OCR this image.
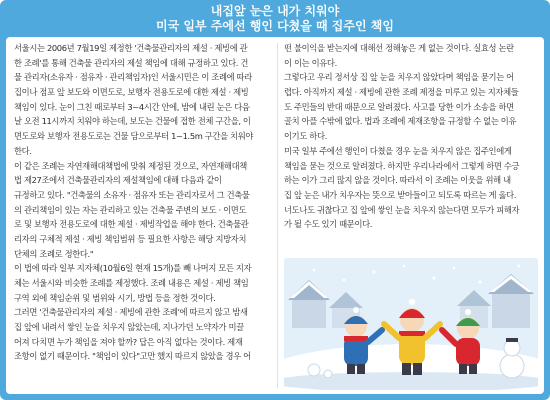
내집앞 눈은 내가 치워야
미국 일부 주에선 행인 다쳤을 때 집주인 책임
서울시는 2006년 7월19일 제정한 '건축물관리자의 제설 · 제빙에 관
한 조례'를 통해 건축물 관리자의 제설 책임에 대해 규정하고 있다. 건
물 관리자(소유자 · 점유자 · 관리책임자)인 서울시민은 이 조례에 따라
집이나 점포 앞 보도와 이면도로, 보행자 전용도로에 대한 제설 · 제빙
책임이 있다. 눈이 그친 때로부터 3~4시간 안에, 밤에 내린 눈은 다음
날 오전 11시까지 치워야 하는데, 보도는 건물에 접한 전체 구간을, 이
면도로와 보행자 전용도로는 건물 담으로부터 1~1.5m 구간을 치워야
한다.
이 같은 조례는 자연재해대책법에 맞춰 제정된 것으로, 자연재해대책
법 제27조에서 건축물관리자의 제설책임에 대해 다음과 같이
규정하고 있다. "건축물의 소유자 · 점유자 또는 관리자로서 그 건축물
의 관리책임이 있는 자는 관리하고 있는 건축물 주변의 보도 · 이면도
로 및 보행자 전용도로에 대한 제설 · 제빙작업을 해야 한다. 건축물관
리자의 구체적 제설 · 제빙 책임범위 등 필요한 사항은 해당 지방자치
단체의 조례로 정한다."
이 법에 따라 일부 지자체(10월6일 현재 15개)를 빼 나머지 모든 지자
체는 서울시와 비슷한 조례를 제정했다. 조례 내용은 제설 · 제빙 책임
구역 외에 책임순위 및 범위와 시기, 방법 등을 정한 것이다.
그러면 '건축물관리자의 제설 · 제빙에 관한 조례'에 따르지 않고 밤새
집 앞에 내려서 쌓인 눈을 치우지 않았는데, 지나가던 노약자가 미끌
어져 다치면 누가 책임을 져야 할까? 답은 아직 없다는 것이다. 제재
조항이 없기 때문이다. "책임이 있다"고만 했지 따르지 않았을 경우 어
떤 불이익을 받는지에 대해선 정해놓은 게 없는 것이다. 실효성 논란
이 이는 이유다.
그렇다고 우리 정서상 집 앞 눈을 치우지 않았다며 책임을 묻기는 어
렵다. 아직까지 제설 · 제빙에 관한 조례 제정을 미루고 있는 지자체들
도 주민들의 반대 때문으로 알려졌다. 사고를 당한 이가 소송을 하면
골치 아플 수밖에 없다. 법과 조례에 제재조항을 규정할 수 없는 이유
이기도 하다.
미국 일부 주에선 행인이 다쳤을 경우 눈을 치우지 않은 집주인에게
책임을 묻는 것으로 알려졌다. 하지만 우리나라에서 그렇게 하면 수긍
하는 이가 그리 많지 않을 것이다. 따라서 이 조례는 이웃을 위해 내
집 앞 눈은 내가 치우자는 뜻으로 받아들이고 되도록 따르는 게 옳다.
너도나도 귀찮다고 집 앞에 쌓인 눈을 치우지 않는다면 모두가 피해자
가 될 수도 있기 때문이다.
